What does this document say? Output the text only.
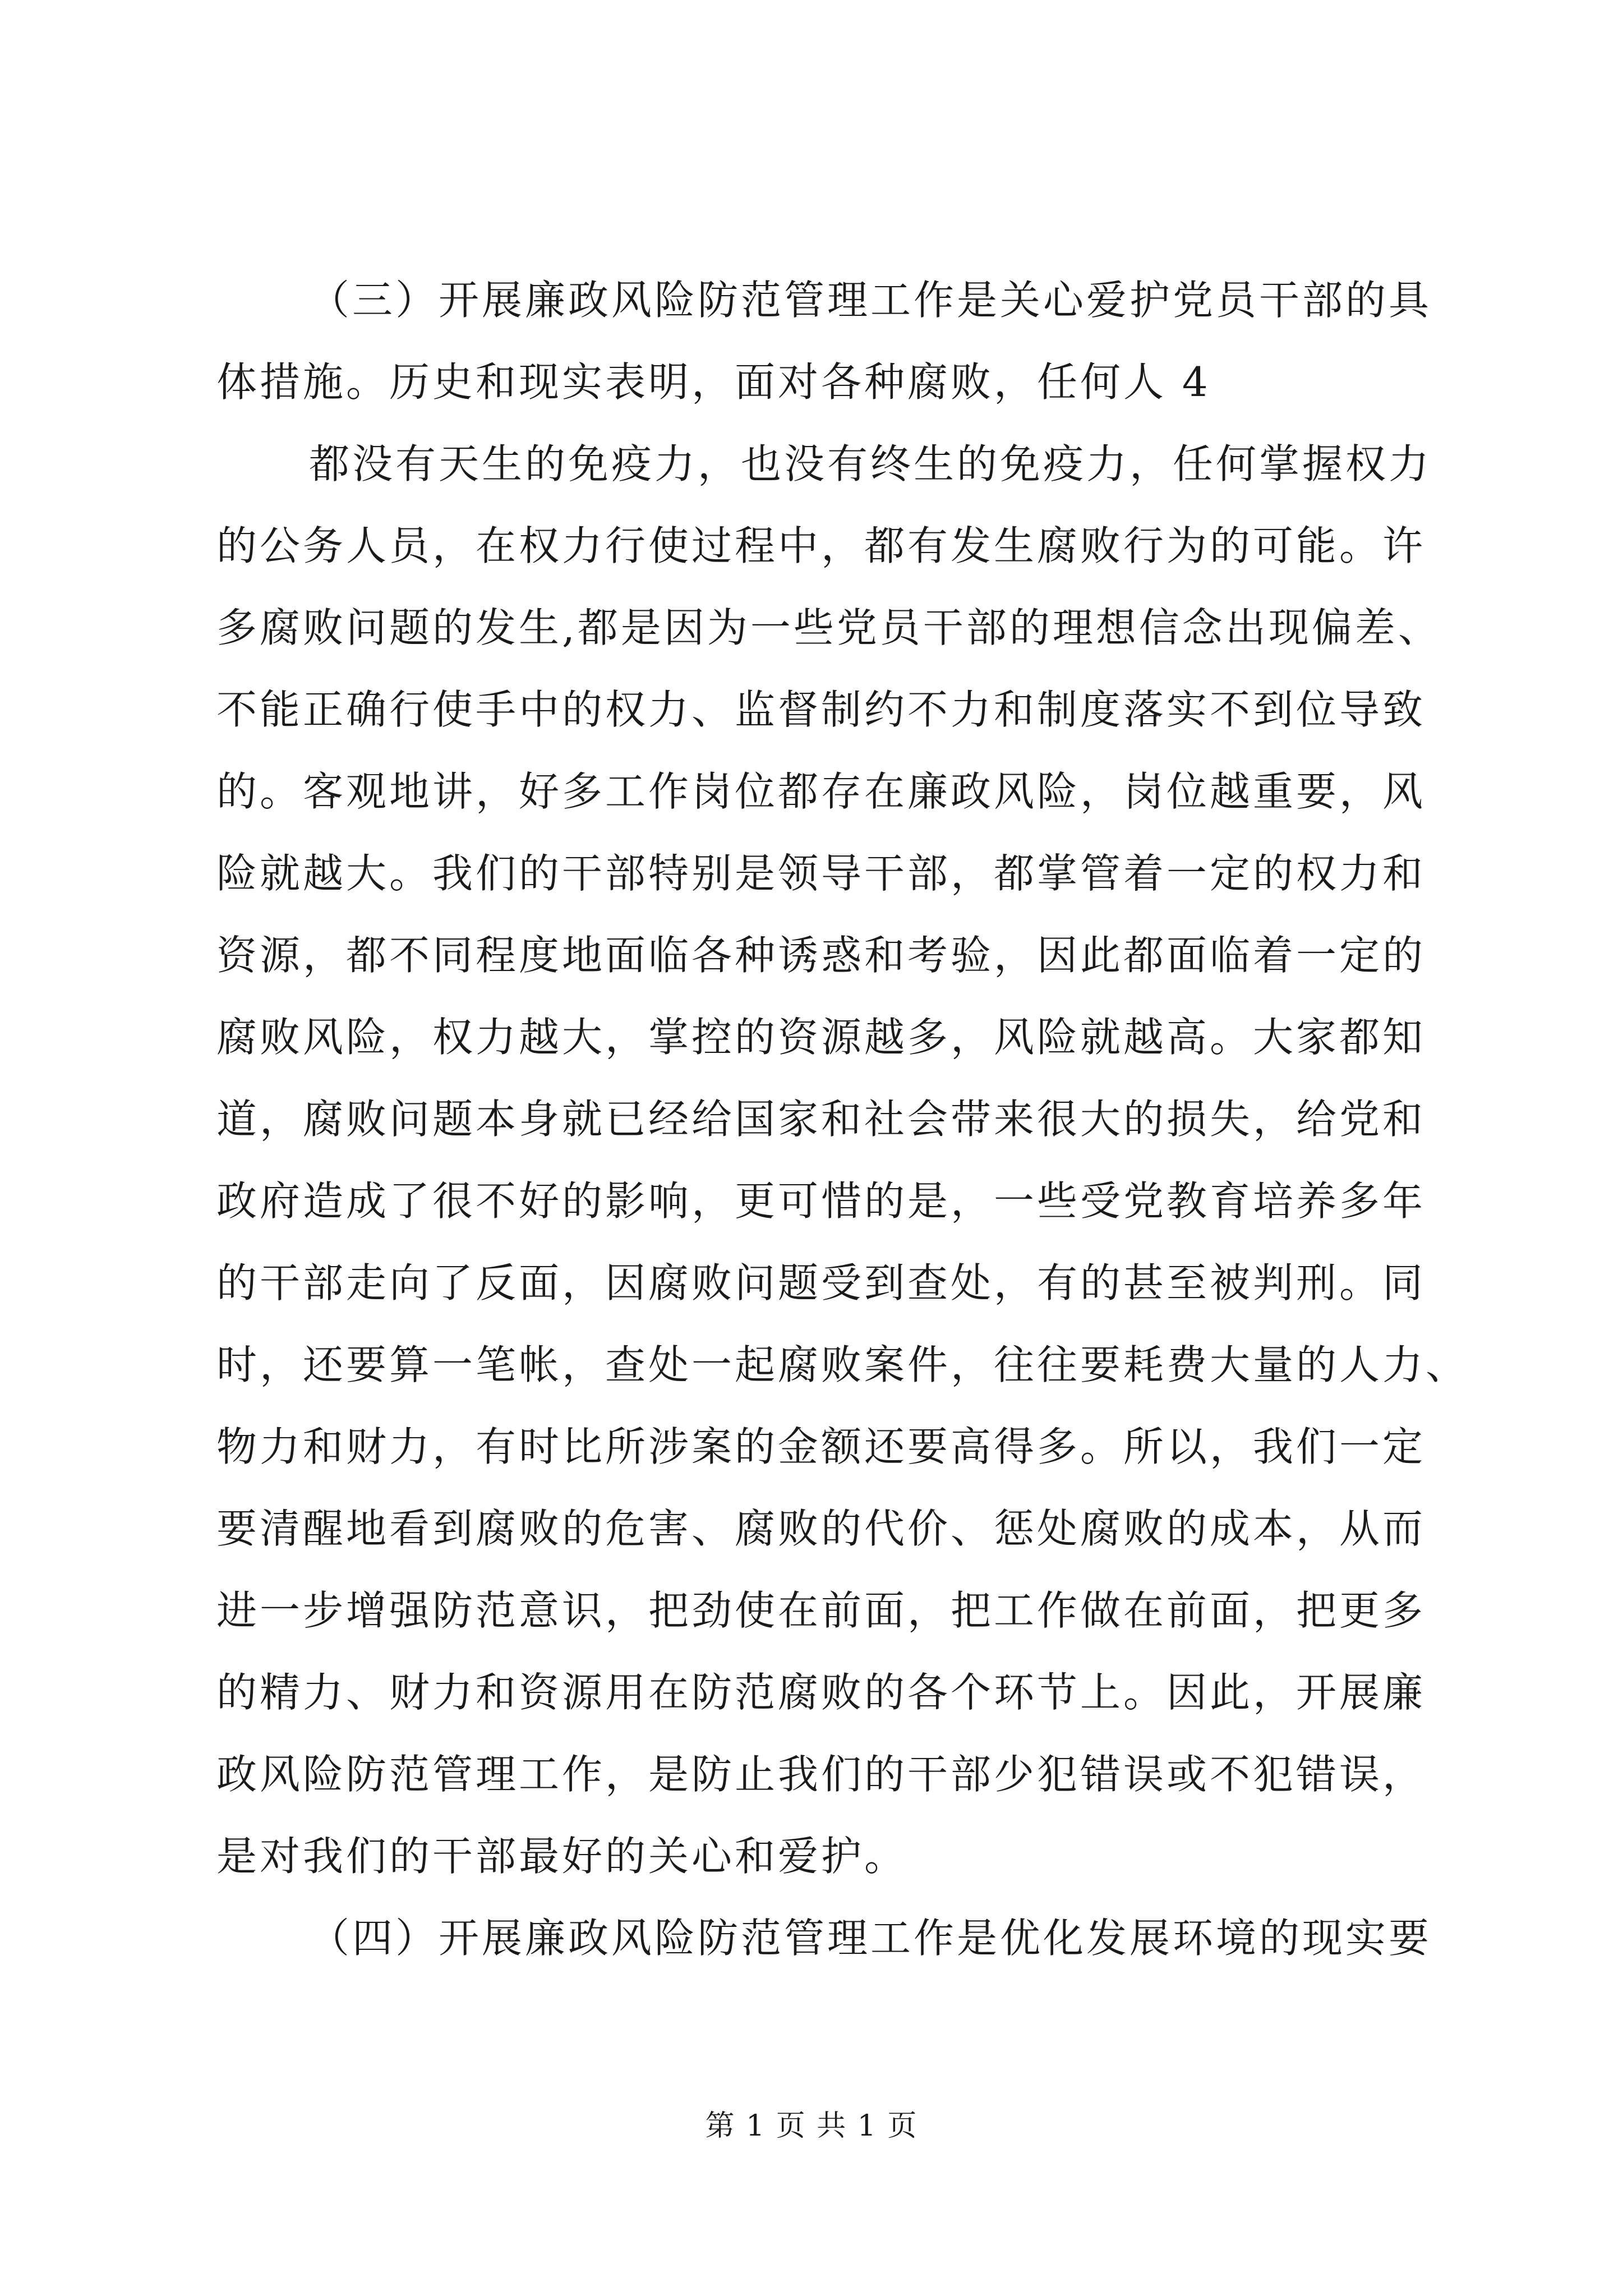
（三）开展廉政风险防范管理工作是关心爱护党员干部的具
体措施。历史和现实表明，面对各种腐败，任何人 4
都没有天生的免疫力，也没有终生的免疫力，任何掌握权力
的公务人员，在权力行使过程中，都有发生腐败行为的可能。许
多腐败问题的发生,都是因为一些党员干部的理想信念出现偏差、
不能正确行使手中的权力、监督制约不力和制度落实不到位导致
的。客观地讲，好多工作岗位都存在廉政风险，岗位越重要，风
险就越大。我们的干部特别是领导干部，都掌管着一定的权力和
资源，都不同程度地面临各种诱惑和考验，因此都面临着一定的
腐败风险，权力越大，掌控的资源越多，风险就越高。大家都知
道，腐败问题本身就已经给国家和社会带来很大的损失，给党和
政府造成了很不好的影响，更可惜的是，一些受党教育培养多年
的干部走向了反面，因腐败问题受到查处，有的甚至被判刑。同
时，还要算一笔帐，查处一起腐败案件，往往要耗费大量的人力、
物力和财力，有时比所涉案的金额还要高得多。所以，我们一定
要清醒地看到腐败的危害、腐败的代价、惩处腐败的成本，从而
进一步增强防范意识，把劲使在前面，把工作做在前面，把更多
的精力、财力和资源用在防范腐败的各个环节上。因此，开展廉
政风险防范管理工作，是防止我们的干部少犯错误或不犯错误，
是对我们的干部最好的关心和爱护。
（四）开展廉政风险防范管理工作是优化发展环境的现实要
第 1 页 共 1 页
